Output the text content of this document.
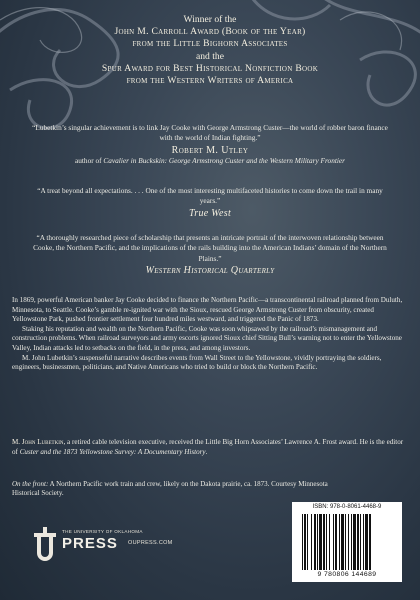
Winner of the
John M. Carroll Award (Book of the Year)
from the Little Bighorn Associates
and the
Spur Award for Best Historical Nonfiction Book
from the Western Writers of America
“Lubetkin’s singular achievement is to link Jay Cooke with George Armstrong Custer—the world of robber baron finance with the world of Indian fighting.”
Robert M. Utley
author of Cavalier in Buckskin: George Armstrong Custer and the Western Military Frontier
“A treat beyond all expectations. . . . One of the most interesting multifaceted histories to come down the trail in many years.”
True West
“A thoroughly researched piece of scholarship that presents an intricate portrait of the interwoven relationship between Cooke, the Northern Pacific, and the implications of the rails building into the American Indians’ domain of the Northern Plains.”
Western Historical Quarterly

In 1869, powerful American banker Jay Cooke decided to finance the Northern Pacific—a transcontinental railroad planned from Duluth, Minnesota, to Seattle. Cooke’s gamble re-ignited war with the Sioux, rescued George Armstrong Custer from obscurity, created Yellowstone Park, pushed frontier settlement four hundred miles westward, and triggered the Panic of 1873.

Staking his reputation and wealth on the Northern Pacific, Cooke was soon whipsawed by the railroad’s mismanagement and construction problems. When railroad surveyors and army escorts ignored Sioux chief Sitting Bull’s warning not to enter the Yellowstone Valley, Indian attacks led to setbacks on the field, in the press, and among investors.

M. John Lubetkin’s suspenseful narrative describes events from Wall Street to the Yellowstone, vividly portraying the soldiers, engineers, businessmen, politicians, and Native Americans who tried to build or block the Northern Pacific.

M. John Lubetkin, a retired cable television executive, received the Little Big Horn Associates’ Lawrence A. Frost award. He is the editor of Custer and the 1873 Yellowstone Survey: A Documentary History.

On the front: A Northern Pacific work train and crew, likely on the Dakota prairie, ca. 1873. Courtesy Minnesota Historical Society.
THE UNIVERSITY OF OKLAHOMA
PRESS OUPRESS.COM
ISBN: 978-0-8061-4468-9
9 780806 144689
